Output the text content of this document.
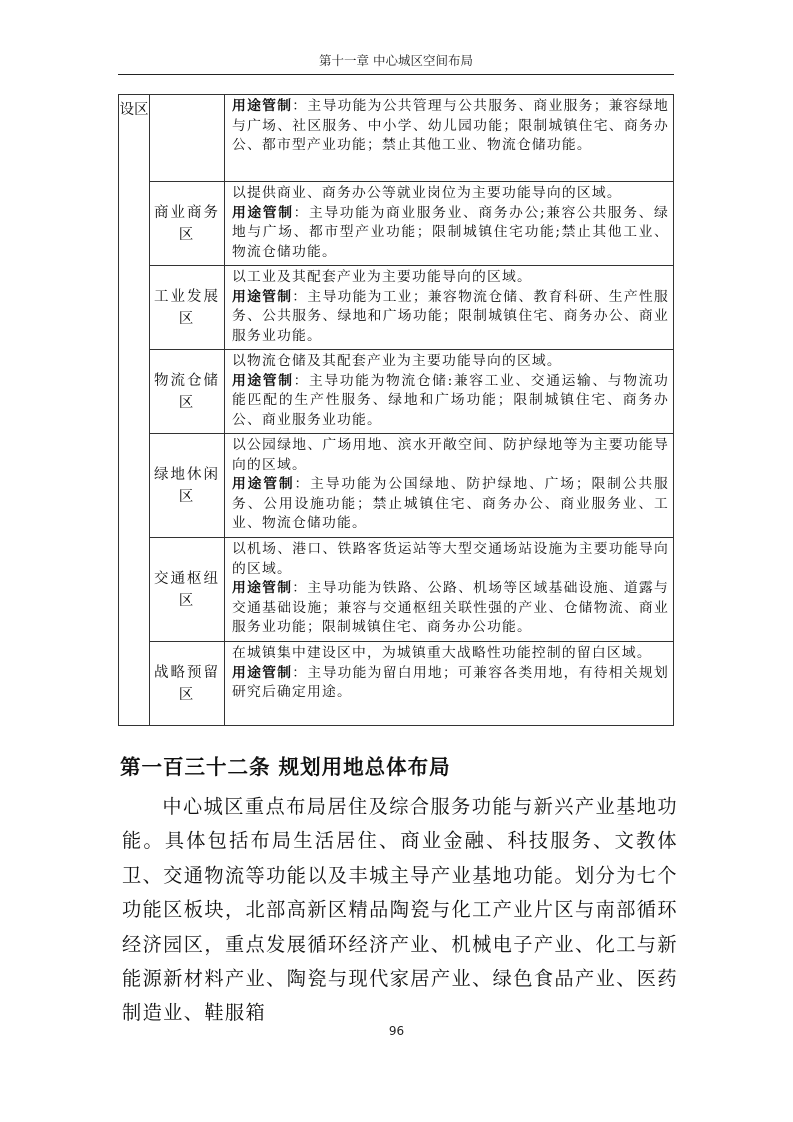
第十一章 中心城区空间布局
设区		用途管制：主导功能为公共管理与公共服务、商业服务；兼容绿地与广场、社区服务、中小学、幼儿园功能；限制城镇住宅、商务办公、都市型产业功能；禁止其他工业、物流仓储功能。
	商业商务区	以提供商业、商务办公等就业岗位为主要功能导向的区域。
用途管制：主导功能为商业服务业、商务办公;兼容公共服务、绿地与广场、都市型产业功能；限制城镇住宅功能;禁止其他工业、物流仓储功能。
	工业发展区	以工业及其配套产业为主要功能导向的区域。
用途管制：主导功能为工业；兼容物流仓储、教育科研、生产性服务、公共服务、绿地和广场功能；限制城镇住宅、商务办公、商业服务业功能。
	物流仓储区	以物流仓储及其配套产业为主要功能导向的区域。
用途管制：主导功能为物流仓储:兼容工业、交通运输、与物流功能匹配的生产性服务、绿地和广场功能；限制城镇住宅、商务办公、商业服务业功能。
	绿地休闲区	以公园绿地、广场用地、滨水开敞空间、防护绿地等为主要功能导向的区域。
用途管制：主导功能为公国绿地、防护绿地、广场；限制公共服务、公用设施功能；禁止城镇住宅、商务办公、商业服务业、工业、物流仓储功能。
	交通枢纽区	以机场、港口、铁路客货运站等大型交通场站设施为主要功能导向的区域。
用途管制：主导功能为铁路、公路、机场等区域基础设施、道露与交通基础设施；兼容与交通枢纽关联性强的产业、仓储物流、商业服务业功能；限制城镇住宅、商务办公功能。
	战略预留区	在城镇集中建设区中，为城镇重大战略性功能控制的留白区域。
用途管制：主导功能为留白用地；可兼容各类用地，有待相关规划研究后确定用途。
第一百三十二条 规划用地总体布局
中心城区重点布局居住及综合服务功能与新兴产业基地功能。具体包括布局生活居住、商业金融、科技服务、文教体卫、交通物流等功能以及丰城主导产业基地功能。划分为七个功能区板块，北部高新区精品陶瓷与化工产业片区与南部循环经济园区，重点发展循环经济产业、机械电子产业、化工与新能源新材料产业、陶瓷与现代家居产业、绿色食品产业、医药制造业、鞋服箱
96
